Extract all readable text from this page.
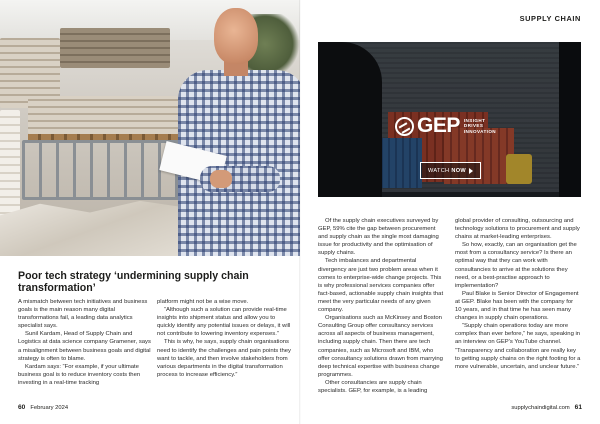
Poor tech strategy ‘undermining supply chain transformation’

A mismatch between tech initiatives and business goals is the main reason many digital transformations fail, a leading data analytics specialist says.

Sunil Kardam, Head of Supply Chain and Logistics at data science company Gramener, says a misalignment between business goals and digital strategy is often to blame.

Kardam says: “For example, if your ultimate business goal is to reduce inventory costs then investing in a real-time tracking

platform might not be a wise move.

“Although such a solution can provide real-time insights into shipment status and allow you to quickly identify any potential issues or delays, it will not contribute to lowering inventory expenses.”

This is why, he says, supply chain organisations need to identify the challenges and pain points they want to tackle, and then involve stakeholders from various departments in the digital transformation process to increase efficiency.”

60 February 2024
SUPPLY CHAIN
GEP INSIGHT
DRIVES
INNOVATION
WATCH NOW

Of the supply chain executives surveyed by GEP, 59% cite the gap between procurement and supply chain as the single most damaging issue for productivity and the optimisation of supply chains.

Tech imbalances and departmental divergency are just two problem areas when it comes to enterprise-wide change projects. This is why professional services companies offer fact-based, actionable supply chain insights that meet the very particular needs of any given company.

Organisations such as McKinsey and Boston Consulting Group offer consultancy services across all aspects of business management, including supply chain. Then there are tech companies, such as Microsoft and IBM, who offer consultancy solutions drawn from marrying deep technical expertise with business change programmes.

Other consultancies are supply chain specialists. GEP, for example, is a leading

global provider of consulting, outsourcing and technology solutions to procurement and supply chains at market-leading enterprises.

So how, exactly, can an organisation get the most from a consultancy service? Is there an optimal way that they can work with consultancies to arrive at the solutions they need, or a best-practise approach to implementation?

Paul Blake is Senior Director of Engagement at GEP. Blake has been with the company for 10 years, and in that time he has seen many changes in supply chain operations.

“Supply chain operations today are more complex than ever before,” he says, speaking in an interview on GEP’s YouTube channel. “Transparency and collaboration are really key to getting supply chains on the right footing for a more vulnerable, uncertain, and unclear future.”

supplychaindigital.com 61
